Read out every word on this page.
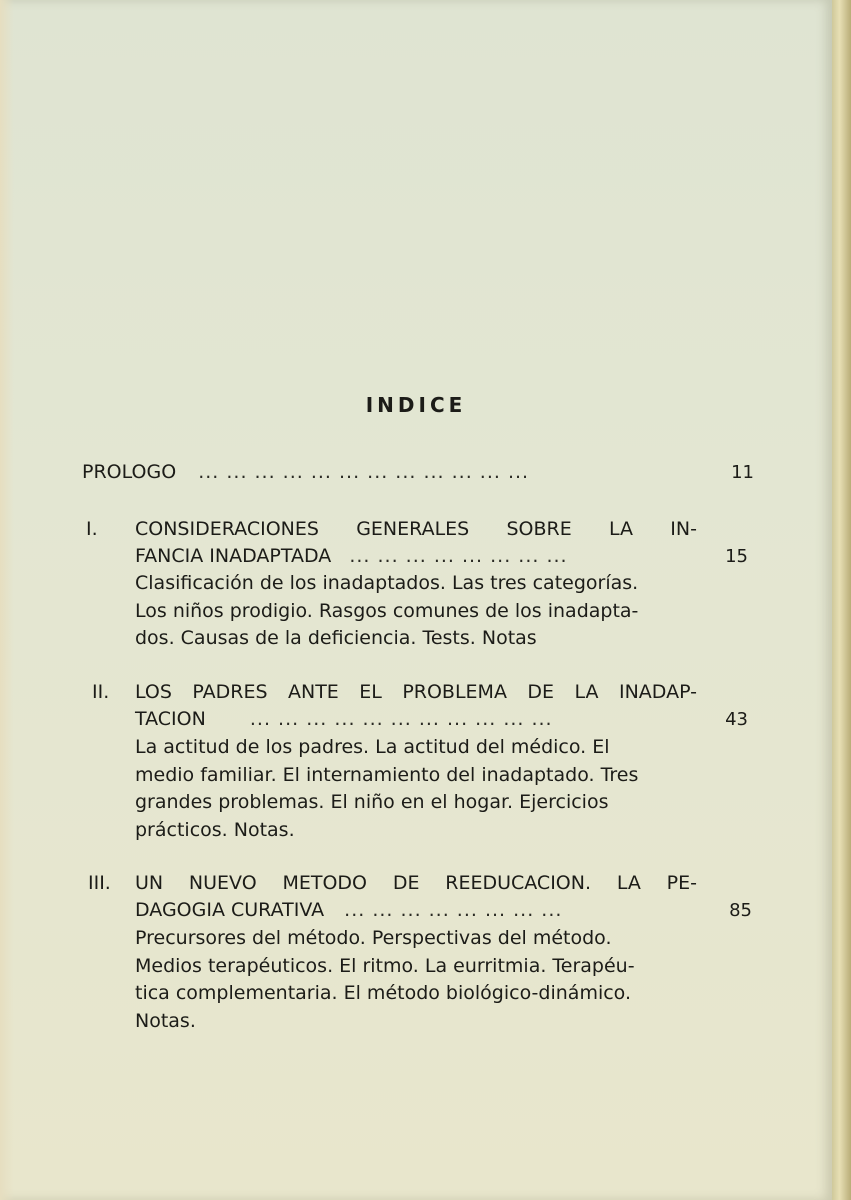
INDICE
PROLOGO ... ... ... ... ... ... ... ... ... ... ... ...	11
I. CONSIDERACIONES GENERALES SOBRE LA IN-
FANCIA INADAPTADA ... ... ... ... ... ... ... ...	15
Clasificación de los inadaptados. Las tres categorías.
Los niños prodigio. Rasgos comunes de los inadapta-
dos. Causas de la deficiencia. Tests. Notas
II. LOS PADRES ANTE EL PROBLEMA DE LA INADAP-
TACION ... ... ... ... ... ... ... ... ... ... ...	43
La actitud de los padres. La actitud del médico. El
medio familiar. El internamiento del inadaptado. Tres
grandes problemas. El niño en el hogar. Ejercicios
prácticos. Notas.
III. UN NUEVO METODO DE REEDUCACION. LA PE-
DAGOGIA CURATIVA ... ... ... ... ... ... ... ...	85
Precursores del método. Perspectivas del método.
Medios terapéuticos. El ritmo. La eurritmia. Terapéu-
tica complementaria. El método biológico-dinámico.
Notas.
